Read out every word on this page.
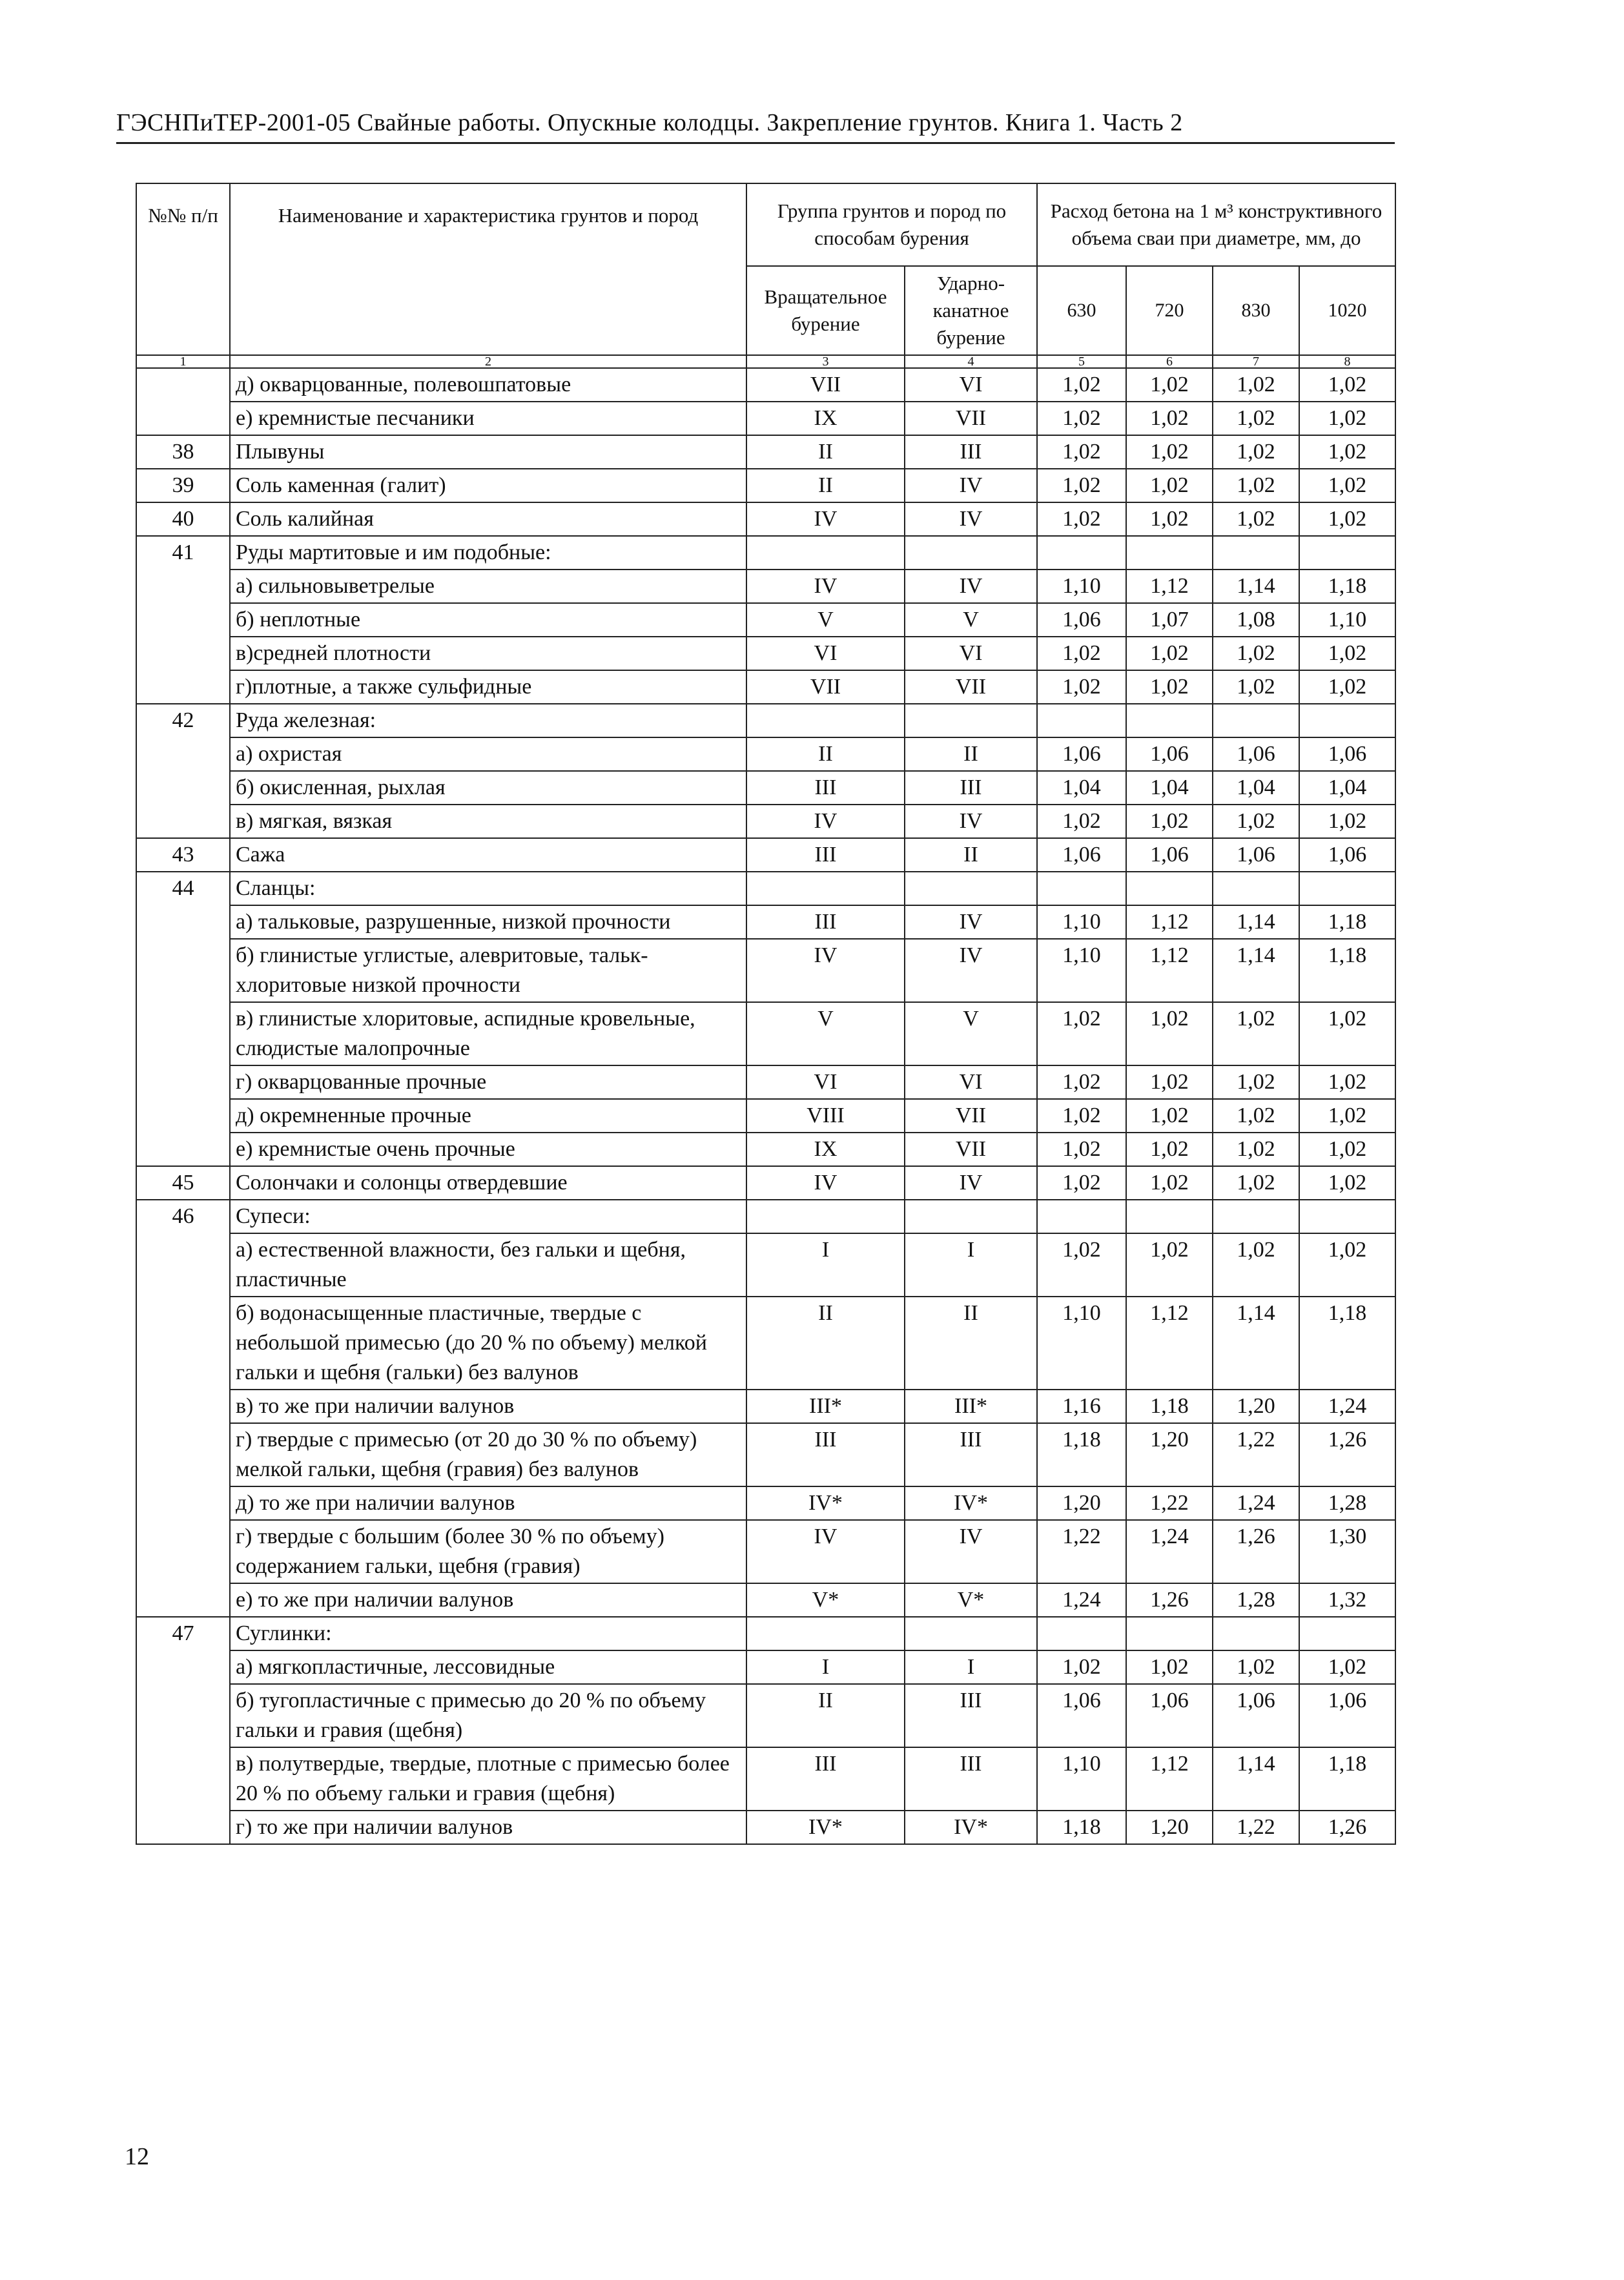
ГЭСНПиТЕР-2001-05 Свайные работы. Опускные колодцы. Закрепление грунтов. Книга 1. Часть 2
№№ п/п	Наименование и характеристика грунтов и пород	Группа грунтов и пород по способам бурения		Расход бетона на 1 м³ конструктивного объема сваи при диаметре, мм, до			
		Вращательное бурение	Ударно-канатное бурение	630	720	830	1020
1	2	3	4	5	6	7	8
	д) окварцованные, полевошпатовые	VII	VI	1,02	1,02	1,02	1,02
	е) кремнистые песчаники	IX	VII	1,02	1,02	1,02	1,02
38	Плывуны	II	III	1,02	1,02	1,02	1,02
39	Соль каменная (галит)	II	IV	1,02	1,02	1,02	1,02
40	Соль калийная	IV	IV	1,02	1,02	1,02	1,02
41	Руды мартитовые и им подобные:						
	а) сильновыветрелые	IV	IV	1,10	1,12	1,14	1,18
	б) неплотные	V	V	1,06	1,07	1,08	1,10
	в)средней плотности	VI	VI	1,02	1,02	1,02	1,02
	г)плотные, а также сульфидные	VII	VII	1,02	1,02	1,02	1,02
42	Руда железная:						
	а) охристая	II	II	1,06	1,06	1,06	1,06
	б) окисленная, рыхлая	III	III	1,04	1,04	1,04	1,04
	в) мягкая, вязкая	IV	IV	1,02	1,02	1,02	1,02
43	Сажа	III	II	1,06	1,06	1,06	1,06
44	Сланцы:						
	а) тальковые, разрушенные, низкой прочности	III	IV	1,10	1,12	1,14	1,18
	б) глинистые углистые, алевритовые, тальк-хлоритовые низкой прочности	IV	IV	1,10	1,12	1,14	1,18
	в) глинистые хлоритовые, аспидные кровельные, слюдистые малопрочные	V	V	1,02	1,02	1,02	1,02
	г) окварцованные прочные	VI	VI	1,02	1,02	1,02	1,02
	д) окремненные прочные	VIII	VII	1,02	1,02	1,02	1,02
	е) кремнистые очень прочные	IX	VII	1,02	1,02	1,02	1,02
45	Солончаки и солонцы отвердевшие	IV	IV	1,02	1,02	1,02	1,02
46	Супеси:						
	а) естественной влажности, без гальки и щебня, пластичные	I	I	1,02	1,02	1,02	1,02
	б) водонасыщенные пластичные, твердые с небольшой примесью (до 20 % по объему) мелкой гальки и щебня (гальки) без валунов	II	II	1,10	1,12	1,14	1,18
	в) то же при наличии валунов	III*	III*	1,16	1,18	1,20	1,24
	г) твердые с примесью (от 20 до 30 % по объему) мелкой гальки, щебня (гравия) без валунов	III	III	1,18	1,20	1,22	1,26
	д) то же при наличии валунов	IV*	IV*	1,20	1,22	1,24	1,28
	г) твердые с большим (более 30 % по объему) содержанием гальки, щебня (гравия)	IV	IV	1,22	1,24	1,26	1,30
	е) то же при наличии валунов	V*	V*	1,24	1,26	1,28	1,32
47	Суглинки:						
	а) мягкопластичные, лессовидные	I	I	1,02	1,02	1,02	1,02
	б) тугопластичные с примесью до 20 % по объему гальки и гравия (щебня)	II	III	1,06	1,06	1,06	1,06
	в) полутвердые, твердые, плотные с примесью более 20 % по объему гальки и гравия (щебня)	III	III	1,10	1,12	1,14	1,18
	г) то же при наличии валунов	IV*	IV*	1,18	1,20	1,22	1,26
12
